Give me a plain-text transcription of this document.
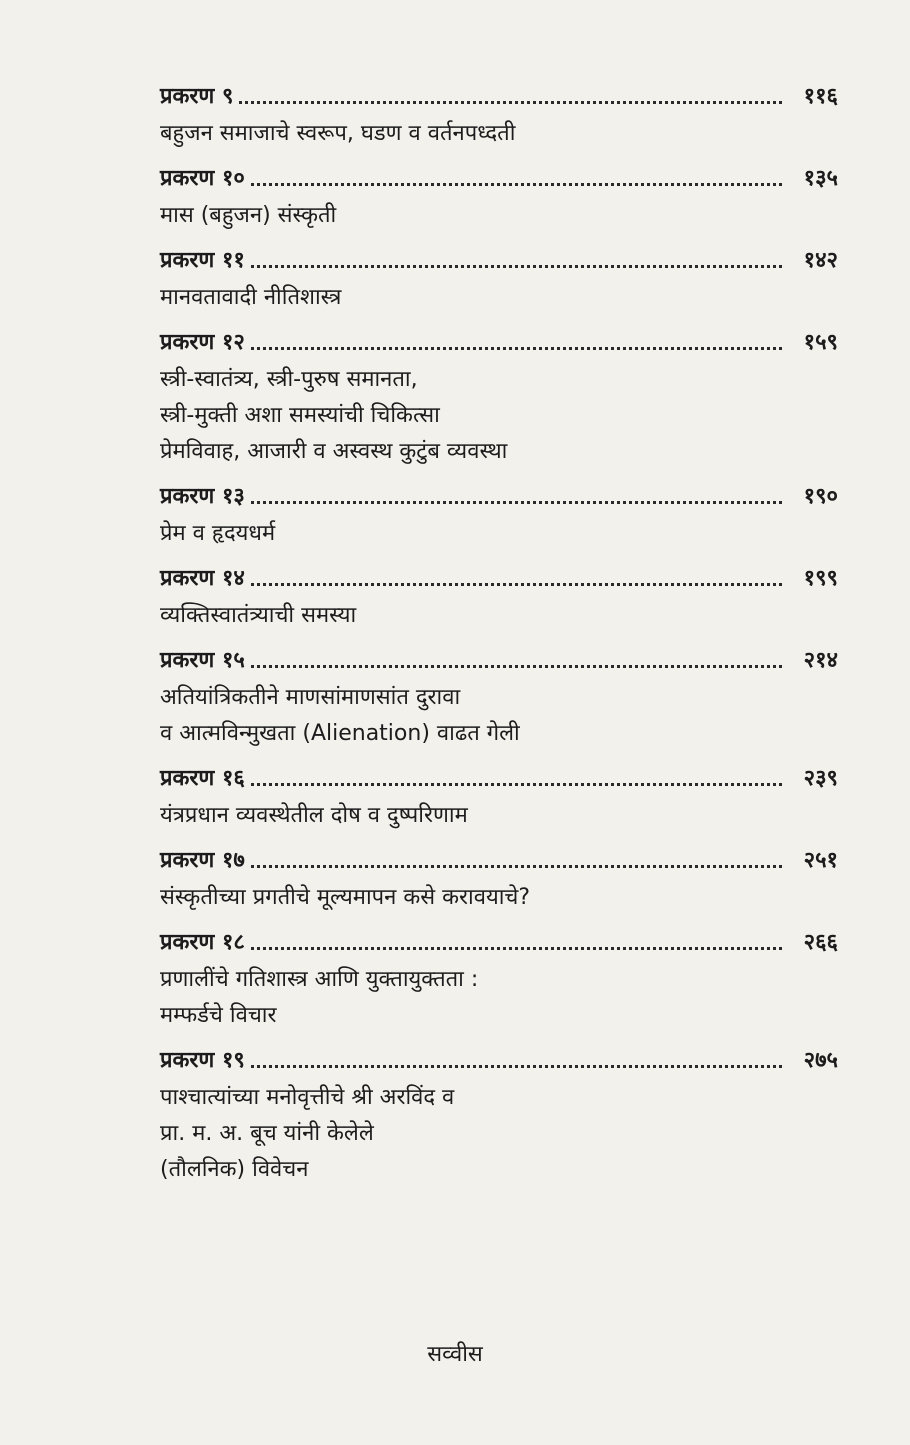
प्रकरण ९	११६
बहुजन समाजाचे स्वरूप, घडण व वर्तनपध्दती
प्रकरण १०	१३५
मास (बहुजन) संस्कृती
प्रकरण ११	१४२
मानवतावादी नीतिशास्त्र
प्रकरण १२	१५९
स्त्री-स्वातंत्र्य, स्त्री-पुरुष समानता,
स्त्री-मुक्ती अशा समस्यांची चिकित्सा
प्रेमविवाह, आजारी व अस्वस्थ कुटुंब व्यवस्था
प्रकरण १३	१९०
प्रेम व हृदयधर्म
प्रकरण १४	१९९
व्यक्तिस्वातंत्र्याची समस्या
प्रकरण १५	२१४
अतियांत्रिकतीने माणसांमाणसांत दुरावा
व आत्मविन्मुखता (Alienation) वाढत गेली
प्रकरण १६	२३९
यंत्रप्रधान व्यवस्थेतील दोष व दुष्परिणाम
प्रकरण १७	२५१
संस्कृतीच्या प्रगतीचे मूल्यमापन कसे करावयाचे?
प्रकरण १८	२६६
प्रणालींचे गतिशास्त्र आणि युक्तायुक्तता :
मम्फर्डचे विचार
प्रकरण १९	२७५
पाश्चात्यांच्या मनोवृत्तीचे श्री अरविंद व
प्रा. म. अ. बूच यांनी केलेले
(तौलनिक) विवेचन
सव्वीस
